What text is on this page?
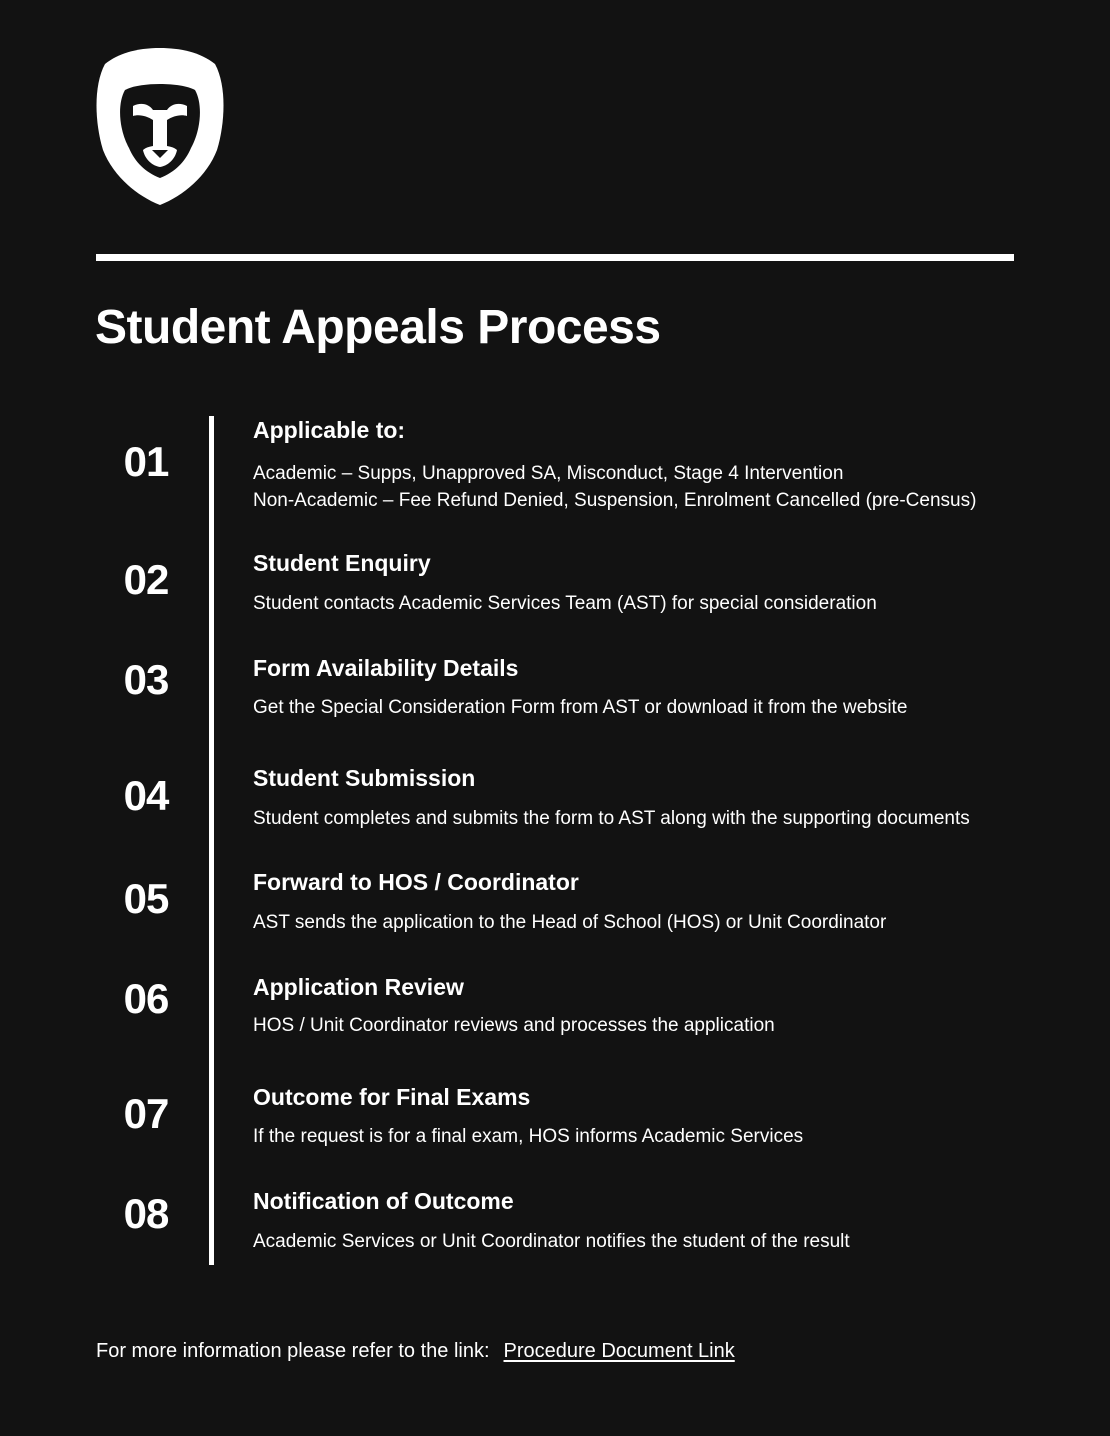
Student Appeals Process
01
Applicable to:
Academic – Supps, Unapproved SA, Misconduct, Stage 4 Intervention
Non-Academic – Fee Refund Denied, Suspension, Enrolment Cancelled (pre-Census)
02	Student Enquiry
Student contacts Academic Services Team (AST) for special consideration
03	Form Availability Details
Get the Special Consideration Form from AST or download it from the website
04	Student Submission
Student completes and submits the form to AST along with the supporting documents
05	Forward to HOS / Coordinator
AST sends the application to the Head of School (HOS) or Unit Coordinator
06	Application Review
HOS / Unit Coordinator reviews and processes the application
07	Outcome for Final Exams
If the request is for a final exam, HOS informs Academic Services
08	Notification of Outcome
Academic Services or Unit Coordinator notifies the student of the result
For more information please refer to the link: Procedure Document Link
